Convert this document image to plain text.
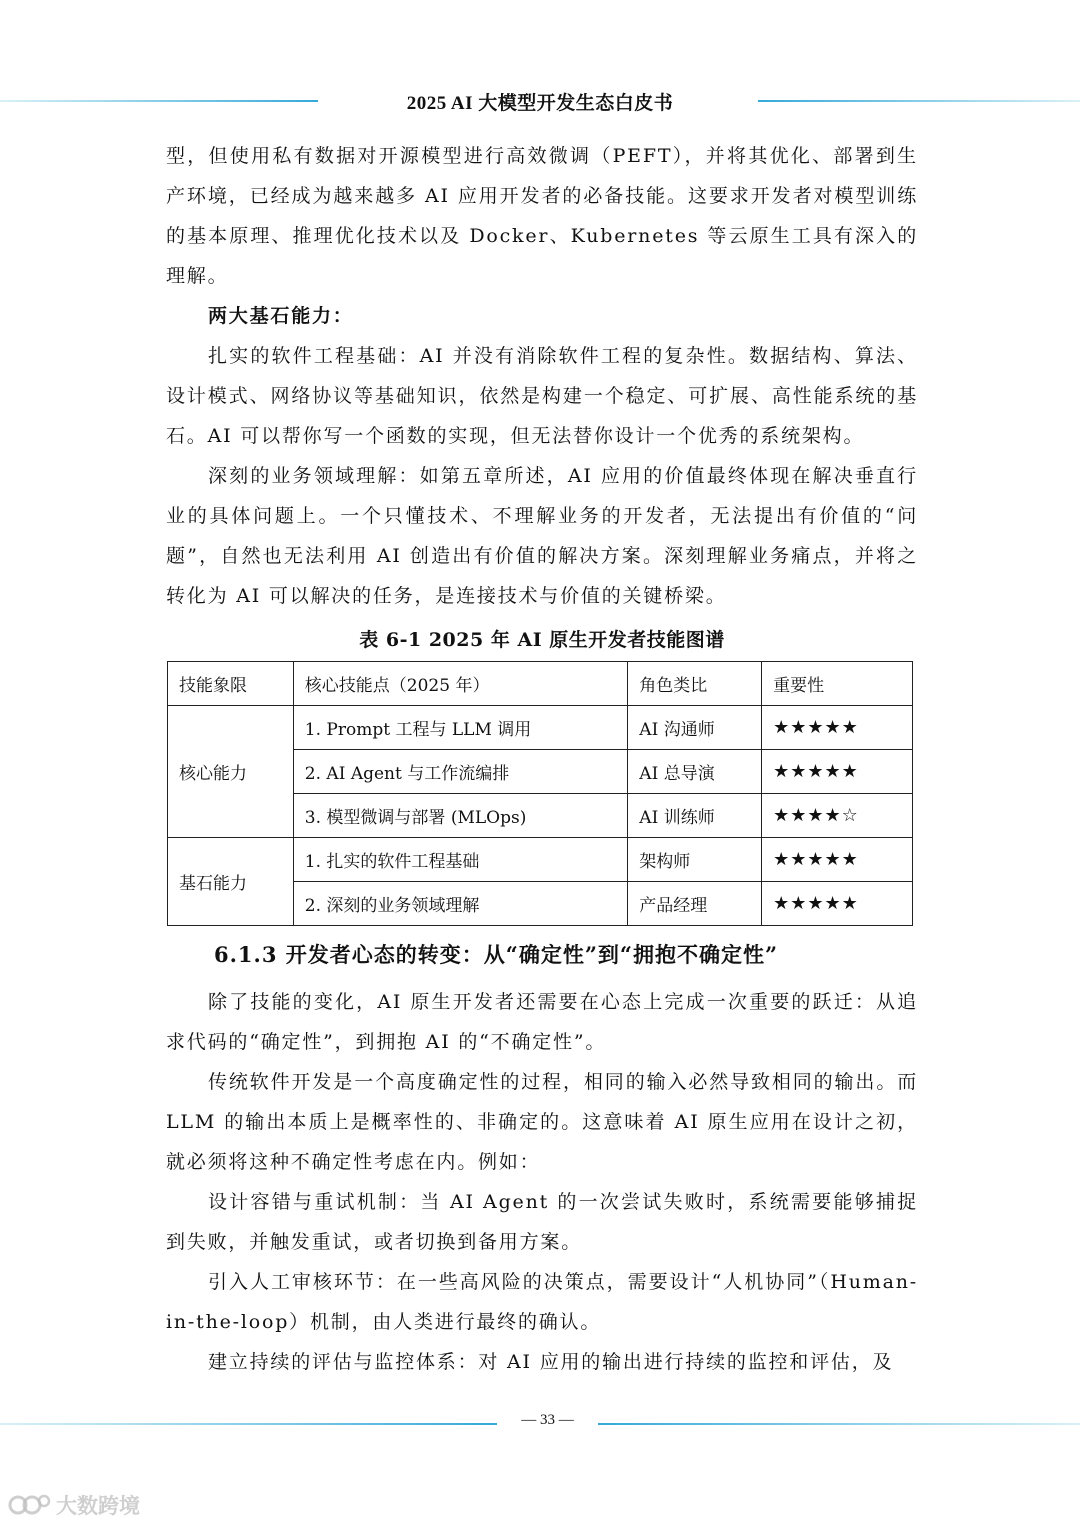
2025 AI 大模型开发生态白皮书

型，但使用私有数据对开源模型进行高效微调（PEFT），并将其优化、部署到生产环境，已经成为越来越多 AI 应用开发者的必备技能。这要求开发者对模型训练的基本原理、推理优化技术以及 Docker、Kubernetes 等云原生工具有深入的理解。

两大基石能力：

扎实的软件工程基础：AI 并没有消除软件工程的复杂性。数据结构、算法、设计模式、网络协议等基础知识，依然是构建一个稳定、可扩展、高性能系统的基石。AI 可以帮你写一个函数的实现，但无法替你设计一个优秀的系统架构。

深刻的业务领域理解：如第五章所述，AI 应用的价值最终体现在解决垂直行业的具体问题上。一个只懂技术、不理解业务的开发者，无法提出有价值的“问题”，自然也无法利用 AI 创造出有价值的解决方案。深刻理解业务痛点，并将之转化为 AI 可以解决的任务，是连接技术与价值的关键桥梁。

表 6-1 2025 年 AI 原生开发者技能图谱
技能象限	核心技能点（2025 年）	角色类比	重要性
核心能力	1. Prompt 工程与 LLM 调用	AI 沟通师	★★★★★
	2. AI Agent 与工作流编排	AI 总导演	★★★★★
	3. 模型微调与部署 (MLOps)	AI 训练师	★★★★☆
基石能力	1. 扎实的软件工程基础	架构师	★★★★★
	2. 深刻的业务领域理解	产品经理	★★★★★
6.1.3 开发者心态的转变：从“确定性”到“拥抱不确定性”

除了技能的变化，AI 原生开发者还需要在心态上完成一次重要的跃迁：从追求代码的“确定性”，到拥抱 AI 的“不确定性”。

传统软件开发是一个高度确定性的过程，相同的输入必然导致相同的输出。而 LLM 的输出本质上是概率性的、非确定的。这意味着 AI 原生应用在设计之初，就必须将这种不确定性考虑在内。例如：

设计容错与重试机制：当 AI Agent 的一次尝试失败时，系统需要能够捕捉到失败，并触发重试，或者切换到备用方案。

引入人工审核环节：在一些高风险的决策点，需要设计“人机协同”（Human-in-the-loop）机制，由人类进行最终的确认。

建立持续的评估与监控体系：对 AI 应用的输出进行持续的监控和评估，及

— 33 —
大数跨境
